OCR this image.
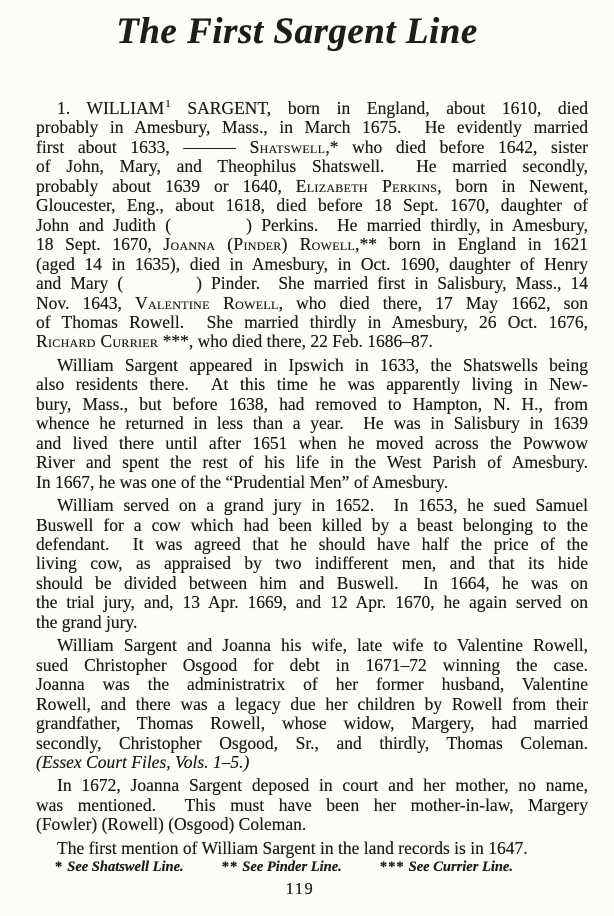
The First Sargent Line
1. WILLIAM$^1$ SARGENT, born in England, about 1610, died
probably in Amesbury, Mass., in March 1675.  He evidently married
first about 1633, ——— Shatswell,* who died before 1642, sister
of John, Mary, and Theophilus Shatswell.  He married secondly,
probably about 1639 or 1640, Elizabeth Perkins, born in Newent,
Gloucester, Eng., about 1618, died before 18 Sept. 1670, daughter of
John and Judith (        ) Perkins.  He married thirdly, in Amesbury,
18 Sept. 1670, Joanna (Pinder) Rowell,** born in England in 1621
(aged 14 in 1635), died in Amesbury, in Oct. 1690, daughter of Henry
and Mary (        ) Pinder.  She married first in Salisbury, Mass., 14
Nov. 1643, Valentine Rowell, who died there, 17 May 1662, son
of Thomas Rowell.  She married thirdly in Amesbury, 26 Oct. 1676,
Richard Currier ***, who died there, 22 Feb. 1686–87.
William Sargent appeared in Ipswich in 1633, the Shatswells being
also residents there.  At this time he was apparently living in New-
bury, Mass., but before 1638, had removed to Hampton, N. H., from
whence he returned in less than a year.  He was in Salisbury in 1639
and lived there until after 1651 when he moved across the Powwow
River and spent the rest of his life in the West Parish of Amesbury.
In 1667, he was one of the “Prudential Men” of Amesbury.
William served on a grand jury in 1652.  In 1653, he sued Samuel
Buswell for a cow which had been killed by a beast belonging to the
defendant.  It was agreed that he should have half the price of the
living cow, as appraised by two indifferent men, and that its hide
should be divided between him and Buswell.  In 1664, he was on
the trial jury, and, 13 Apr. 1669, and 12 Apr. 1670, he again served on
the grand jury.
William Sargent and Joanna his wife, late wife to Valentine Rowell,
sued Christopher Osgood for debt in 1671–72 winning the case.
Joanna was the administratrix of her former husband, Valentine
Rowell, and there was a legacy due her children by Rowell from their
grandfather, Thomas Rowell, whose widow, Margery, had married
secondly, Christopher Osgood, Sr., and thirdly, Thomas Coleman.
(Essex Court Files, Vols. 1–5.)
In 1672, Joanna Sargent deposed in court and her mother, no name,
was mentioned.  This must have been her mother-in-law, Margery
(Fowler) (Rowell) (Osgood) Coleman.
The first mention of William Sargent in the land records is in 1647.
* See Shatswell Line.	** See Pinder Line.	*** See Currier Line.
119
